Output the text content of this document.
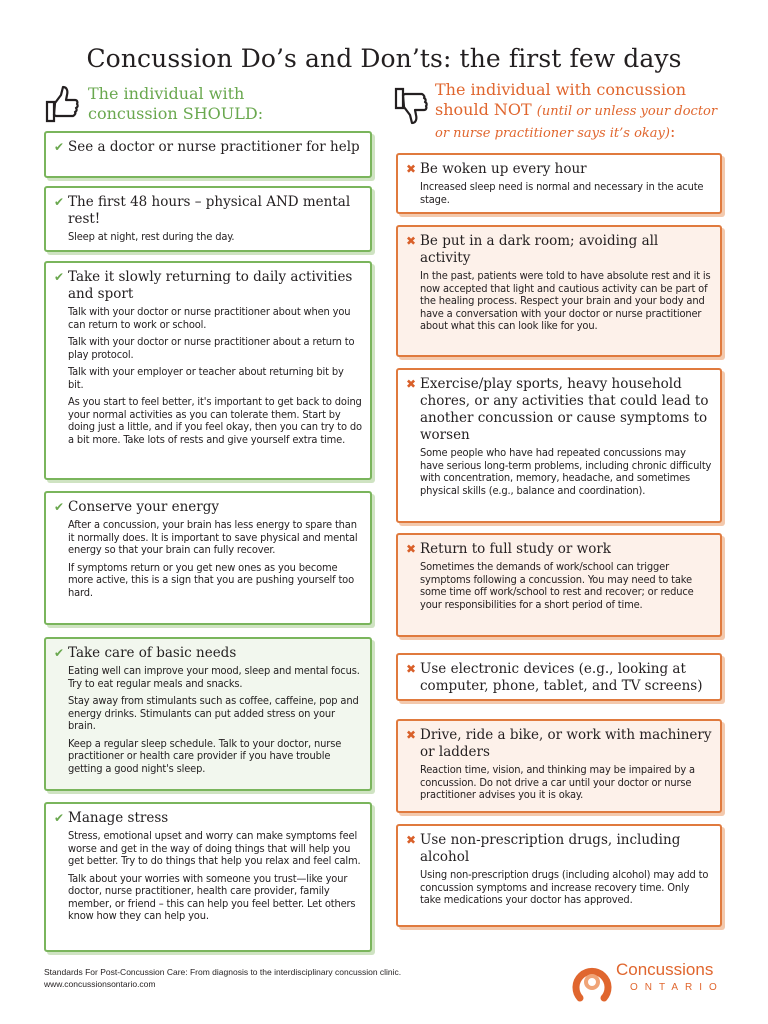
Concussion Do’s and Don’ts: the first few days
The individual with
concussion SHOULD:
✔ See a doctor or nurse practitioner for help
✔ The first 48 hours – physical AND mental rest!
Sleep at night, rest during the day.
✔ Take it slowly returning to daily activities and sport
Talk with your doctor or nurse practitioner about when you can return to work or school.
Talk with your doctor or nurse practitioner about a return to play protocol.
Talk with your employer or teacher about returning bit by bit.
As you start to feel better, it's important to get back to doing your normal activities as you can tolerate them. Start by doing just a little, and if you feel okay, then you can try to do a bit more. Take lots of rests and give yourself extra time.
✔ Conserve your energy
After a concussion, your brain has less energy to spare than it normally does. It is important to save physical and mental energy so that your brain can fully recover.
If symptoms return or you get new ones as you become more active, this is a sign that you are pushing yourself too hard.
✔ Take care of basic needs
Eating well can improve your mood, sleep and mental focus. Try to eat regular meals and snacks.
Stay away from stimulants such as coffee, caffeine, pop and energy drinks. Stimulants can put added stress on your brain.
Keep a regular sleep schedule. Talk to your doctor, nurse practitioner or health care provider if you have trouble getting a good night's sleep.
✔ Manage stress
Stress, emotional upset and worry can make symptoms feel worse and get in the way of doing things that will help you get better. Try to do things that help you relax and feel calm.
Talk about your worries with someone you trust—like your doctor, nurse practitioner, health care provider, family member, or friend – this can help you feel better. Let others know how they can help you.
The individual with concussion
should NOT (until or unless your doctor
or nurse practitioner says it’s okay):
✖ Be woken up every hour
Increased sleep need is normal and necessary in the acute stage.
✖ Be put in a dark room; avoiding all activity
In the past, patients were told to have absolute rest and it is now accepted that light and cautious activity can be part of the healing process. Respect your brain and your body and have a conversation with your doctor or nurse practitioner about what this can look like for you.
✖ Exercise/play sports, heavy household chores, or any activities that could lead to another concussion or cause symptoms to worsen
Some people who have had repeated concussions may have serious long-term problems, including chronic difficulty with concentration, memory, headache, and sometimes physical skills (e.g., balance and coordination).
✖ Return to full study or work
Sometimes the demands of work/school can trigger symptoms following a concussion. You may need to take some time off work/school to rest and recover; or reduce your responsibilities for a short period of time.
✖ Use electronic devices (e.g., looking at computer, phone, tablet, and TV screens)
✖ Drive, ride a bike, or work with machinery or ladders
Reaction time, vision, and thinking may be impaired by a concussion. Do not drive a car until your doctor or nurse practitioner advises you it is okay.
✖ Use non-prescription drugs, including alcohol
Using non-prescription drugs (including alcohol) may add to concussion symptoms and increase recovery time. Only take medications your doctor has approved.
Standards For Post-Concussion Care: From diagnosis to the interdisciplinary concussion clinic.
www.concussionsontario.com
Concussions
ONTARIO
